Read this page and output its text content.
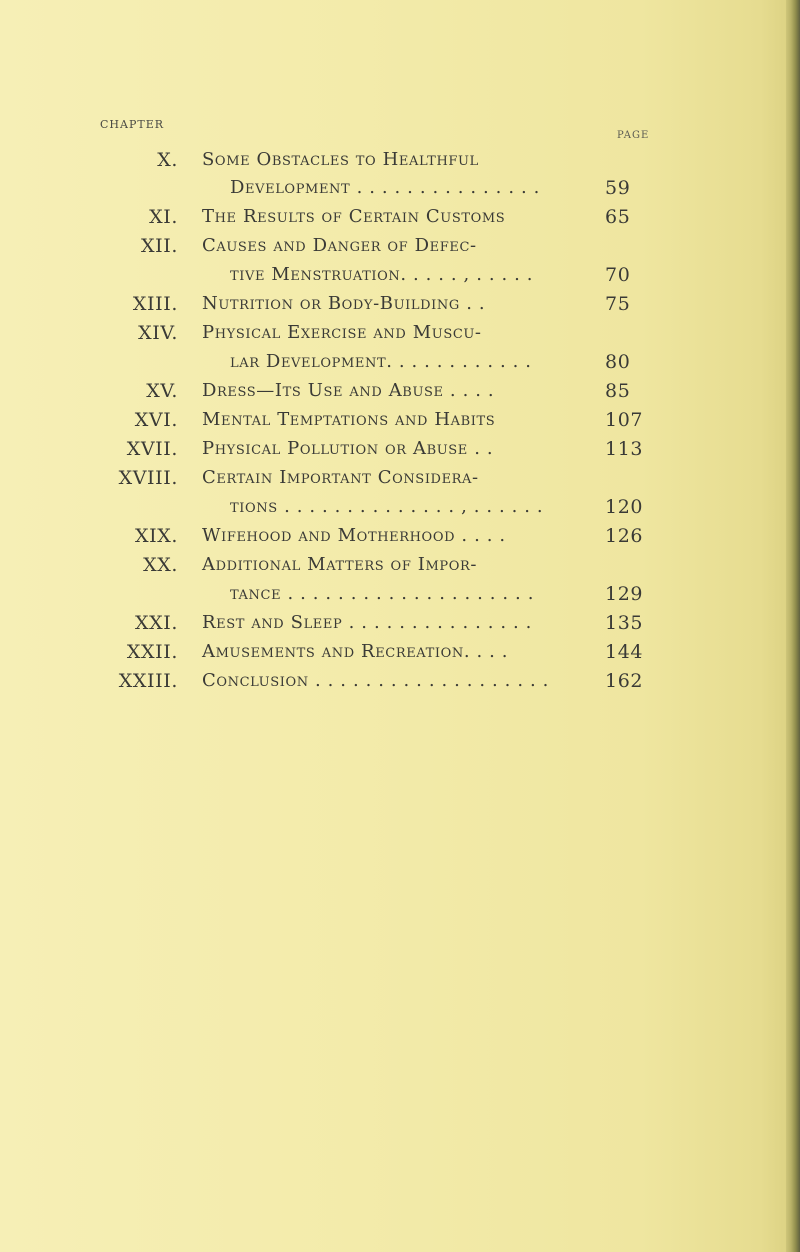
CHAPTER
PAGE
X. Some Obstacles to Healthful
Development . . . . . . . . . . . . . . .	59
XI. The Results of Certain Customs	65
XII. Causes and Danger of Defec-
tive Menstruation. . . . . , . . . . .	70
XIII. Nutrition or Body-Building . .	75
XIV. Physical Exercise and Muscu-
lar Development. . . . . . . . . . . .	80
XV. Dress—Its Use and Abuse . . . .	85
XVI. Mental Temptations and Habits	107
XVII. Physical Pollution or Abuse . .	113
XVIII. Certain Important Considera-
tions . . . . . . . . . . . . . . , . . . . . .	120
XIX. Wifehood and Motherhood . . . .	126
XX. Additional Matters of Impor-
tance . . . . . . . . . . . . . . . . . . . .	129
XXI. Rest and Sleep . . . . . . . . . . . . . . .	135
XXII. Amusements and Recreation. . . .	144
XXIII. Conclusion . . . . . . . . . . . . . . . . . . .	162
